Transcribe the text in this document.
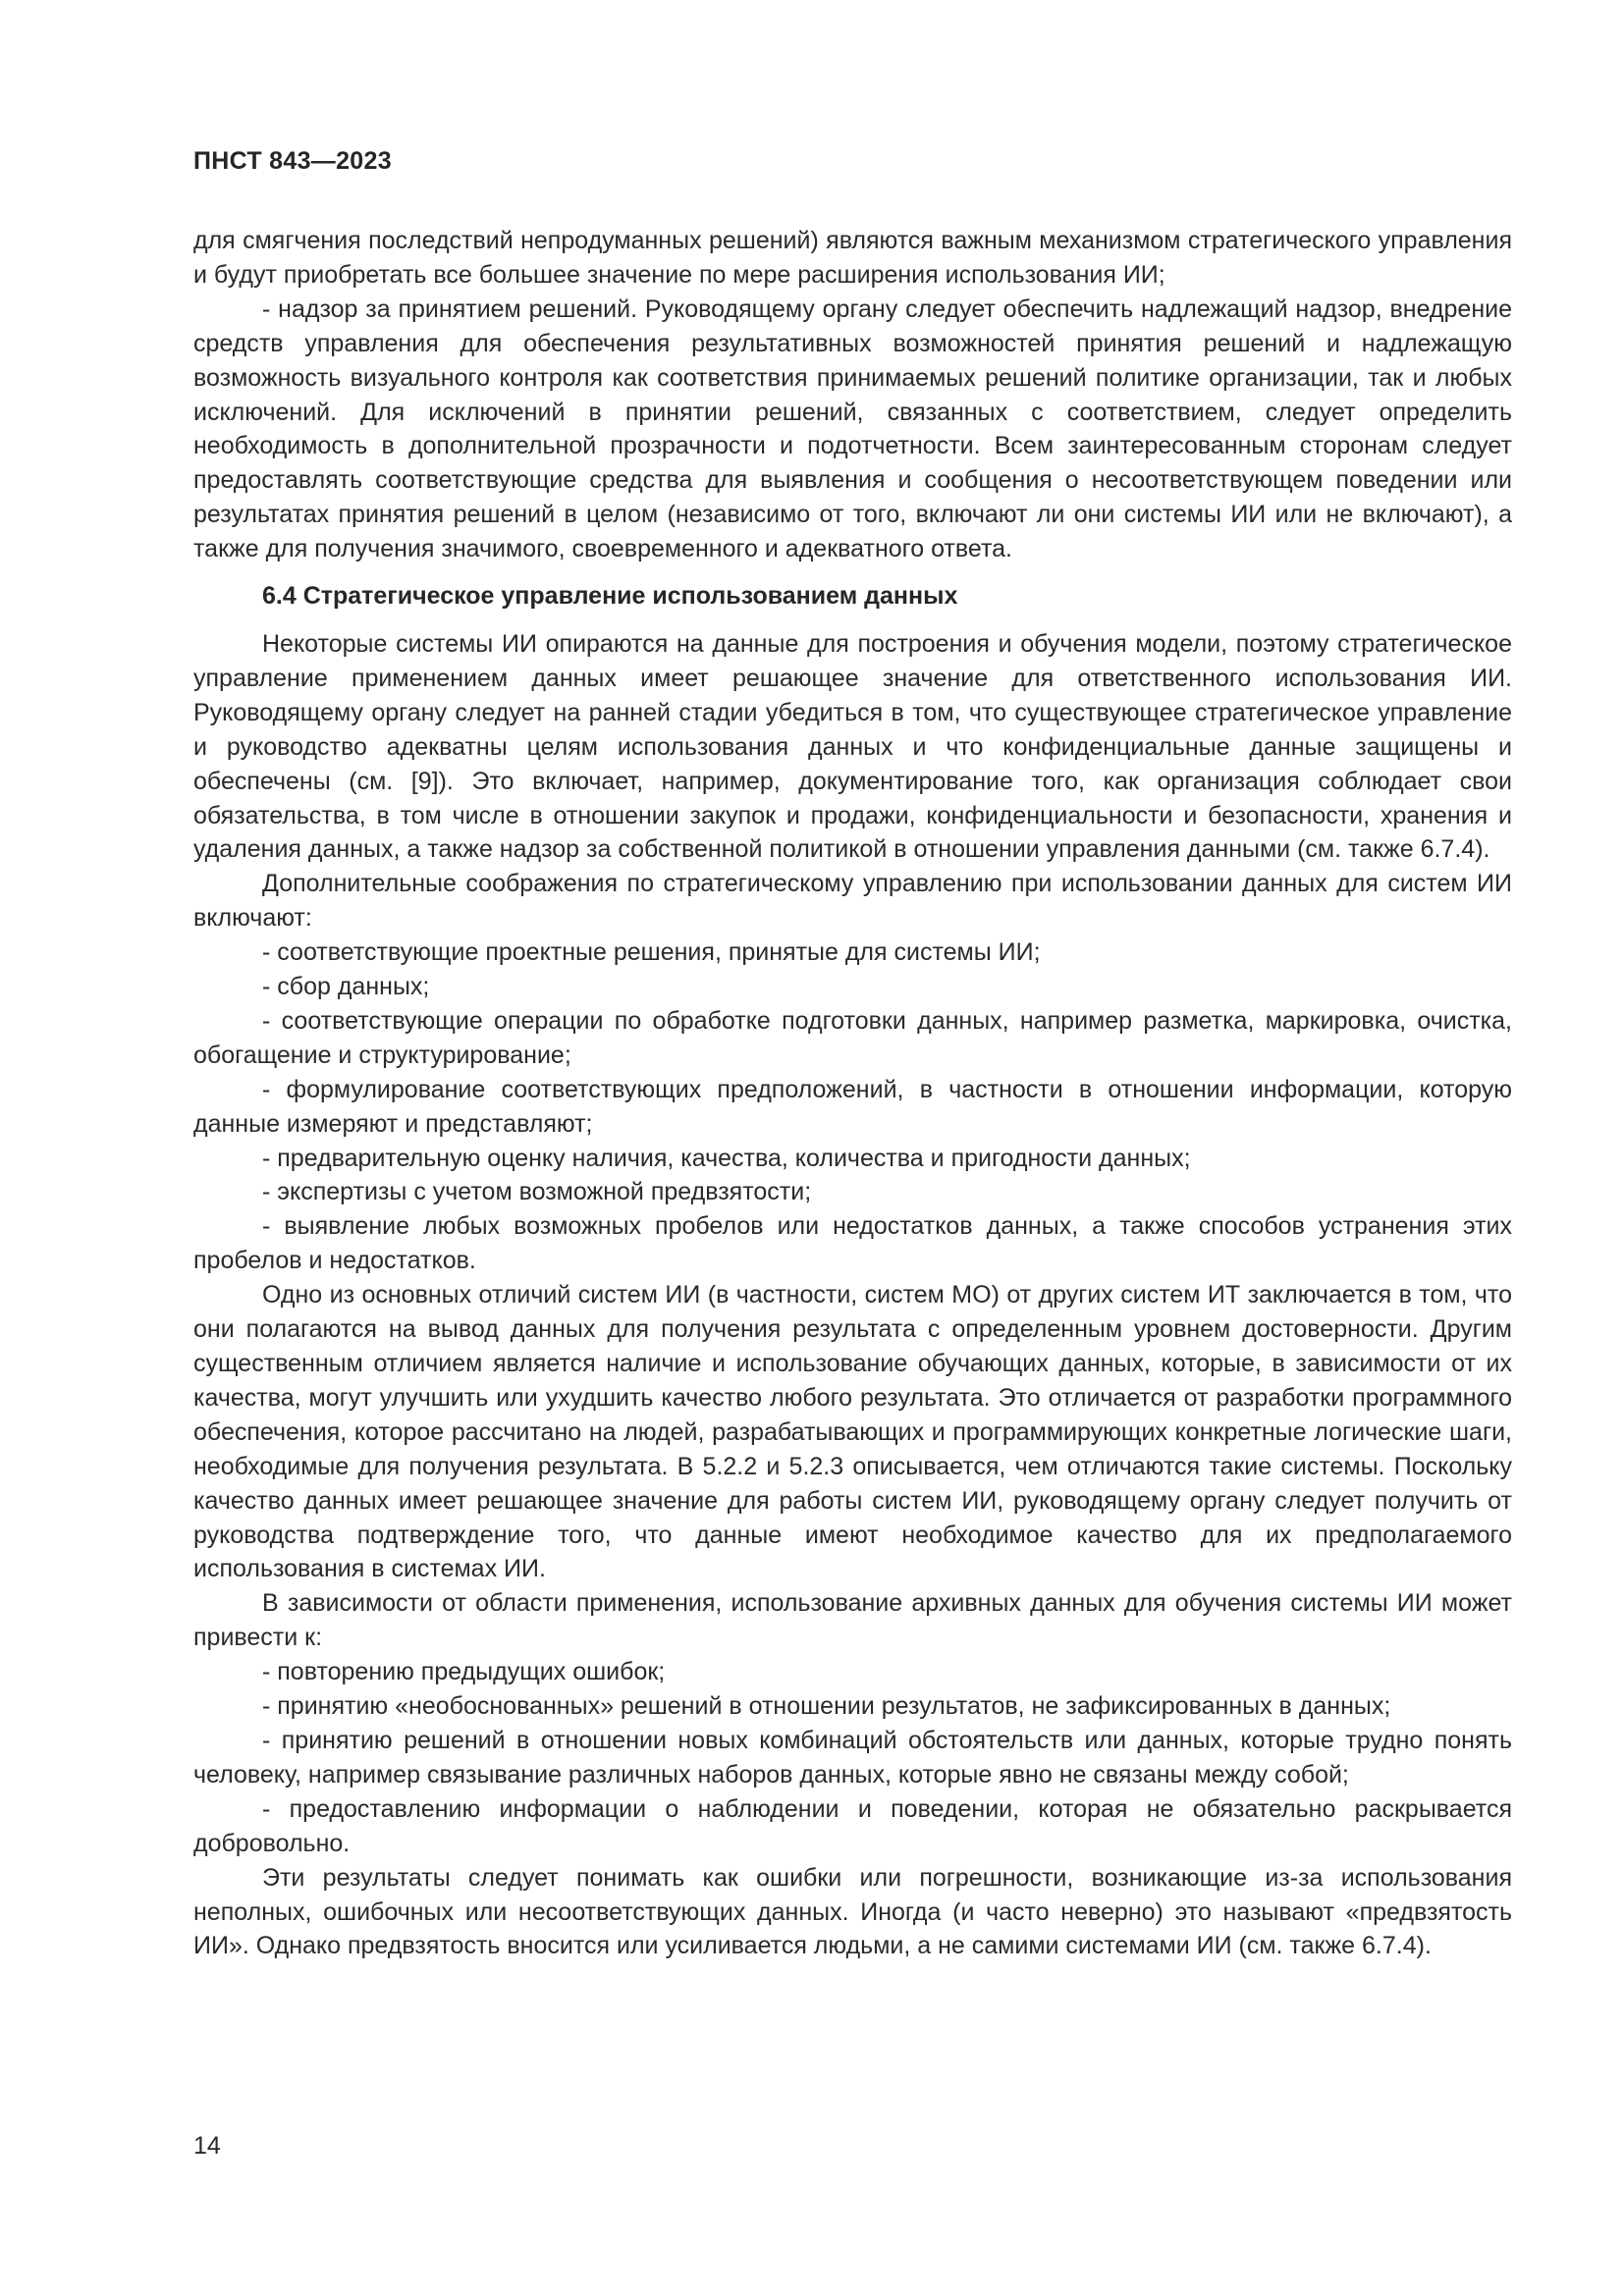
ПНСТ 843—2023

для смягчения последствий непродуманных решений) являются важным механизмом стратегического управления и будут приобретать все большее значение по мере расширения использования ИИ;

- надзор за принятием решений. Руководящему органу следует обеспечить надлежащий надзор, внедрение средств управления для обеспечения результативных возможностей принятия решений и надлежащую возможность визуального контроля как соответствия принимаемых решений политике организации, так и любых исключений. Для исключений в принятии решений, связанных с соответствием, следует определить необходимость в дополнительной прозрачности и подотчетности. Всем заинтересованным сторонам следует предоставлять соответствующие средства для выявления и сообщения о несоответствующем поведении или результатах принятия решений в целом (независимо от того, включают ли они системы ИИ или не включают), а также для получения значимого, своевременного и адекватного ответа.

6.4 Стратегическое управление использованием данных

Некоторые системы ИИ опираются на данные для построения и обучения модели, поэтому стратегическое управление применением данных имеет решающее значение для ответственного использования ИИ. Руководящему органу следует на ранней стадии убедиться в том, что существующее стратегическое управление и руководство адекватны целям использования данных и что конфиденциальные данные защищены и обеспечены (см. [9]). Это включает, например, документирование того, как организация соблюдает свои обязательства, в том числе в отношении закупок и продажи, конфиденциальности и безопасности, хранения и удаления данных, а также надзор за собственной политикой в отношении управления данными (см. также 6.7.4).

Дополнительные соображения по стратегическому управлению при использовании данных для систем ИИ включают:

- соответствующие проектные решения, принятые для системы ИИ;

- сбор данных;

- соответствующие операции по обработке подготовки данных, например разметка, маркировка, очистка, обогащение и структурирование;

- формулирование соответствующих предположений, в частности в отношении информации, которую данные измеряют и представляют;

- предварительную оценку наличия, качества, количества и пригодности данных;

- экспертизы с учетом возможной предвзятости;

- выявление любых возможных пробелов или недостатков данных, а также способов устранения этих пробелов и недостатков.

Одно из основных отличий систем ИИ (в частности, систем МО) от других систем ИТ заключается в том, что они полагаются на вывод данных для получения результата с определенным уровнем достоверности. Другим существенным отличием является наличие и использование обучающих данных, которые, в зависимости от их качества, могут улучшить или ухудшить качество любого результата. Это отличается от разработки программного обеспечения, которое рассчитано на людей, разрабатывающих и программирующих конкретные логические шаги, необходимые для получения результата. В 5.2.2 и 5.2.3 описывается, чем отличаются такие системы. Поскольку качество данных имеет решающее значение для работы систем ИИ, руководящему органу следует получить от руководства подтверждение того, что данные имеют необходимое качество для их предполагаемого использования в системах ИИ.

В зависимости от области применения, использование архивных данных для обучения системы ИИ может привести к:

- повторению предыдущих ошибок;

- принятию «необоснованных» решений в отношении результатов, не зафиксированных в данных;

- принятию решений в отношении новых комбинаций обстоятельств или данных, которые трудно понять человеку, например связывание различных наборов данных, которые явно не связаны между собой;

- предоставлению информации о наблюдении и поведении, которая не обязательно раскрывается добровольно.

Эти результаты следует понимать как ошибки или погрешности, возникающие из-за использования неполных, ошибочных или несоответствующих данных. Иногда (и часто неверно) это называют «предвзятость ИИ». Однако предвзятость вносится или усиливается людьми, а не самими системами ИИ (см. также 6.7.4).

14
